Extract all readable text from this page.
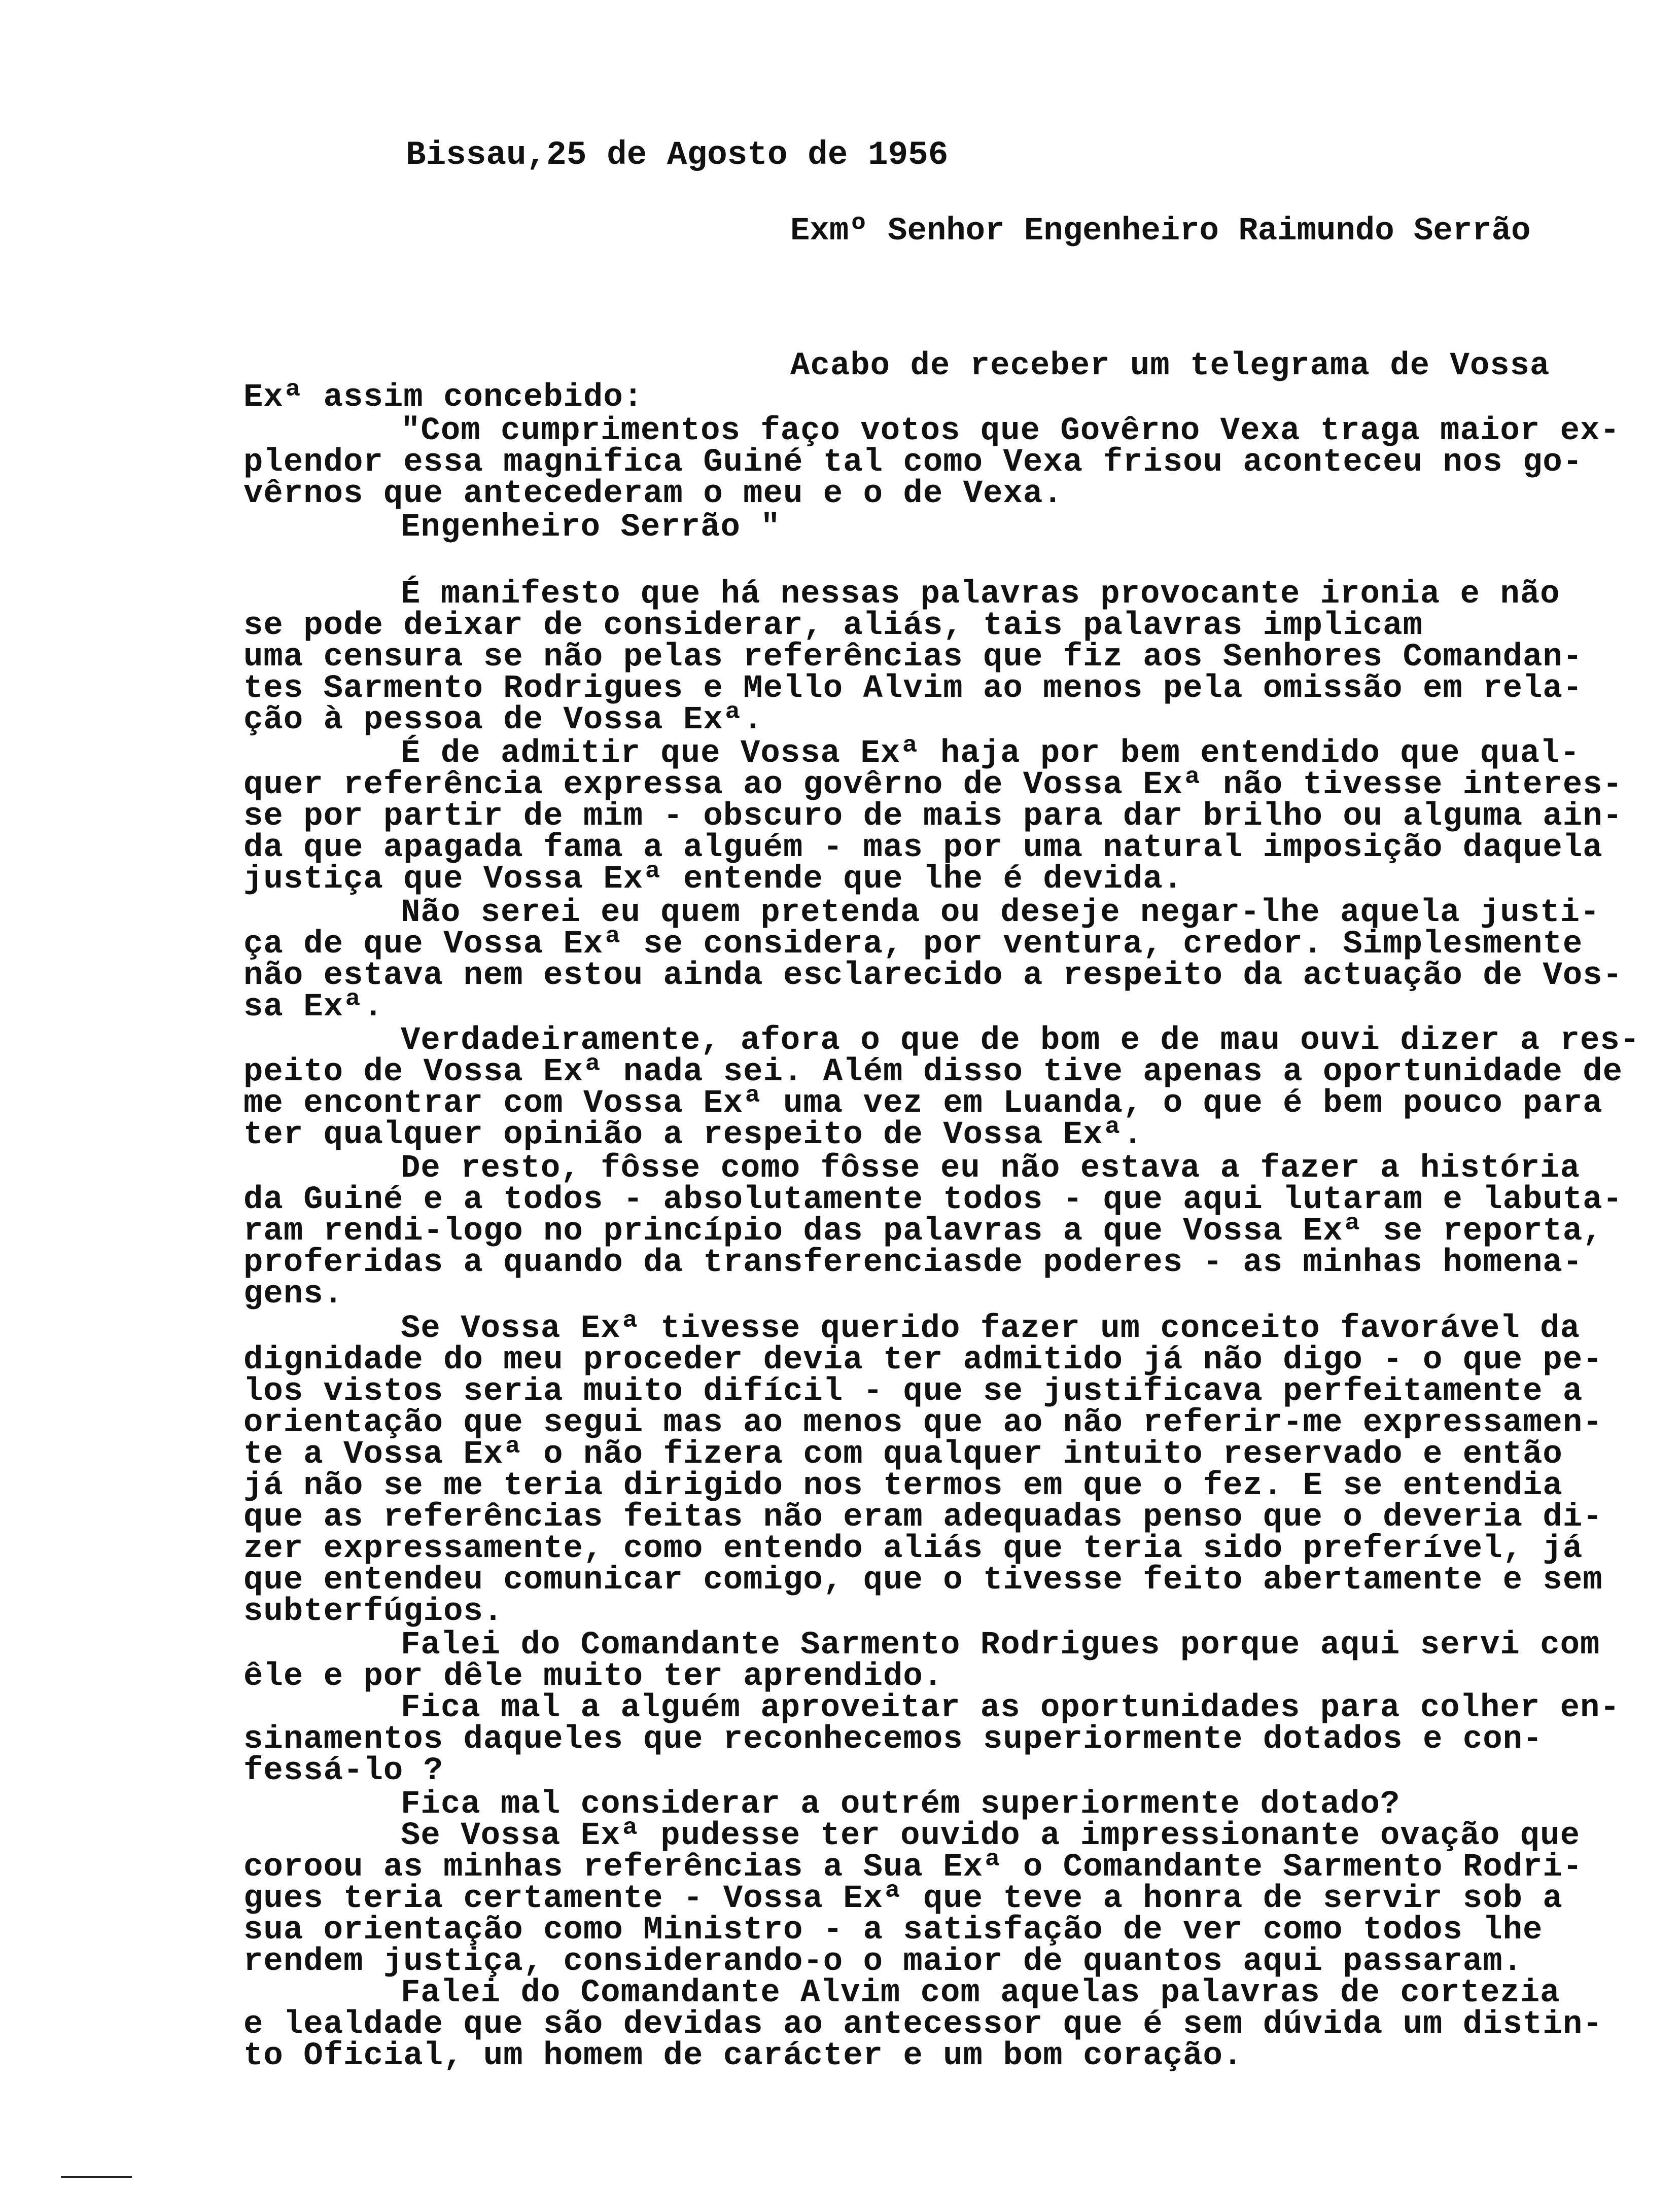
Bissau,25 de Agosto de 1956
Exmº Senhor Engenheiro Raimundo Serrão
Acabo de receber um telegrama de Vossa
Exª assim concebido:
"Com cumprimentos faço votos que Govêrno Vexa traga maior ex-
plendor essa magnifica Guiné tal como Vexa frisou aconteceu nos go-
vêrnos que antecederam o meu e o de Vexa.
Engenheiro Serrão "
É manifesto que há nessas palavras provocante ironia e não
se pode deixar de considerar, aliás, tais palavras implicam
uma censura se não pelas referências que fiz aos Senhores Comandan-
tes Sarmento Rodrigues e Mello Alvim ao menos pela omissão em rela-
ção à pessoa de Vossa Exª.
É de admitir que Vossa Exª haja por bem entendido que qual-
quer referência expressa ao govêrno de Vossa Exª não tivesse interes-
se por partir de mim - obscuro de mais para dar brilho ou alguma ain-
da que apagada fama a alguém - mas por uma natural imposição daquela
justiça que Vossa Exª entende que lhe é devida.
Não serei eu quem pretenda ou deseje negar-lhe aquela justi-
ça de que Vossa Exª se considera, por ventura, credor. Simplesmente
não estava nem estou ainda esclarecido a respeito da actuação de Vos-
sa Exª.
Verdadeiramente, afora o que de bom e de mau ouvi dizer a res-
peito de Vossa Exª nada sei. Além disso tive apenas a oportunidade de
me encontrar com Vossa Exª uma vez em Luanda, o que é bem pouco para
ter qualquer opinião a respeito de Vossa Exª.
De resto, fôsse como fôsse eu não estava a fazer a história
da Guiné e a todos - absolutamente todos - que aqui lutaram e labuta-
ram rendi-logo no princípio das palavras a que Vossa Exª se reporta,
proferidas a quando da transferenciasde poderes - as minhas homena-
gens.
Se Vossa Exª tivesse querido fazer um conceito favorável da
dignidade do meu proceder devia ter admitido já não digo - o que pe-
los vistos seria muito difícil - que se justificava perfeitamente a
orientação que segui mas ao menos que ao não referir-me expressamen-
te a Vossa Exª o não fizera com qualquer intuito reservado e então
já não se me teria dirigido nos termos em que o fez. E se entendia
que as referências feitas não eram adequadas penso que o deveria di-
zer expressamente, como entendo aliás que teria sido preferível, já
que entendeu comunicar comigo, que o tivesse feito abertamente e sem
subterfúgios.
Falei do Comandante Sarmento Rodrigues porque aqui servi com
êle e por dêle muito ter aprendido.
Fica mal a alguém aproveitar as oportunidades para colher en-
sinamentos daqueles que reconhecemos superiormente dotados e con-
fessá-lo ?
Fica mal considerar a outrém superiormente dotado?
Se Vossa Exª pudesse ter ouvido a impressionante ovação que
coroou as minhas referências a Sua Exª o Comandante Sarmento Rodri-
gues teria certamente - Vossa Exª que teve a honra de servir sob a
sua orientação como Ministro - a satisfação de ver como todos lhe
rendem justiça, considerando-o o maior de quantos aqui passaram.
Falei do Comandante Alvim com aquelas palavras de cortezia
e lealdade que são devidas ao antecessor que é sem dúvida um distin-
to Oficial, um homem de carácter e um bom coração.
